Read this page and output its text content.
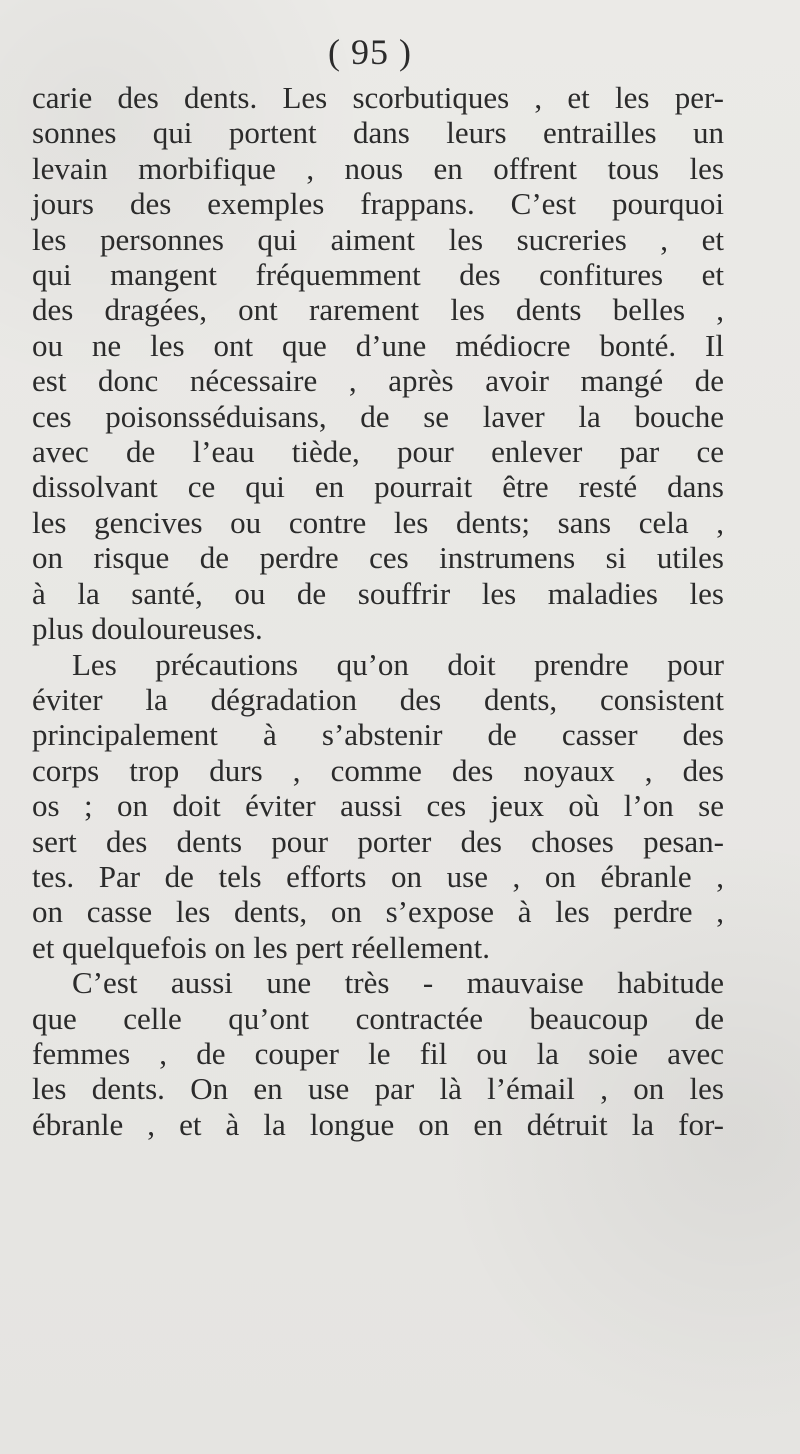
( 95 )
carie des dents. Les scorbutiques , et les per-
sonnes qui portent dans leurs entrailles un
levain morbifique , nous en offrent tous les
jours des exemples frappans. C’est pourquoi
les personnes qui aiment les sucreries , et
qui mangent fréquemment des confitures et
des dragées, ont rarement les dents belles ,
ou ne les ont que d’une médiocre bonté. Il
est donc nécessaire , après avoir mangé de
ces poisonsséduisans, de se laver la bouche
avec de l’eau tiède, pour enlever par ce
dissolvant ce qui en pourrait être resté dans
les gencives ou contre les dents; sans cela ,
on risque de perdre ces instrumens si utiles
à la santé, ou de souffrir les maladies les
plus douloureuses.
Les précautions qu’on doit prendre pour
éviter la dégradation des dents, consistent
principalement à s’abstenir de casser des
corps trop durs , comme des noyaux , des
os ; on doit éviter aussi ces jeux où l’on se
sert des dents pour porter des choses pesan-
tes. Par de tels efforts on use , on ébranle ,
on casse les dents, on s’expose à les perdre ,
et quelquefois on les pert réellement.
C’est aussi une très - mauvaise habitude
que celle qu’ont contractée beaucoup de
femmes , de couper le fil ou la soie avec
les dents. On en use par là l’émail , on les
ébranle , et à la longue on en détruit la for-
